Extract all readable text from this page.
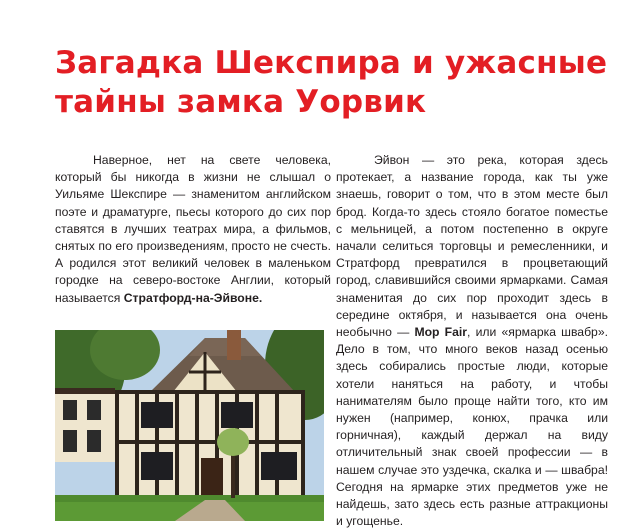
Загадка Шекспира и ужасные тайны замка Уорвик

Наверное, нет на свете человека, который бы никогда в жизни не слышал о Уильяме Шекспире — знаменитом английском поэте и драматурге, пьесы которого до сих пор ставятся в лучших театрах мира, а фильмов, снятых по его произведениям, просто не счесть. А родился этот великий человек в маленьком городке на северо-востоке Англии, который называется Стратфорд-на-Эйвоне.

Эйвон — это река, которая здесь протекает, а название города, как ты уже знаешь, говорит о том, что в этом месте был брод. Когда-то здесь стояло богатое поместье с мельницей, а потом постепенно в округе начали селиться торговцы и ремесленники, и Стратфорд превратился в процветающий город, славившийся своими ярмарками. Самая знаменитая до сих пор проходит здесь в середине октября, и называется она очень необычно — Mop Fair, или «ярмарка швабр». Дело в том, что много веков назад осенью здесь собирались простые люди, которые хотели наняться на работу, и чтобы нанимателям было проще найти того, кто им нужен (например, конюх, прачка или горничная), каждый держал на виду отличительный знак своей профессии — в нашем случае это уздечка, скалка и — швабра! Сегодня на ярмарке этих предметов уже не найдешь, зато здесь есть разные аттракционы и угощенье.
